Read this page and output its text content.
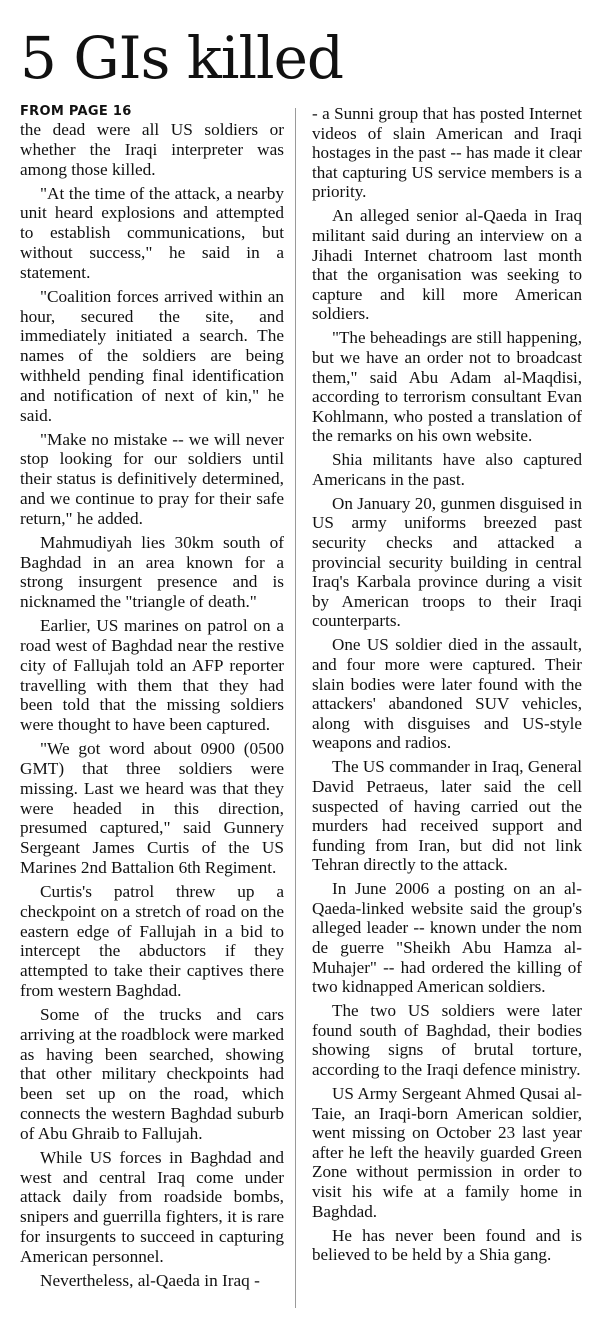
5 GIs killed
FROM PAGE 16

the dead were all US soldiers or whether the Iraqi interpreter was among those killed.

"At the time of the attack, a nearby unit heard explosions and attempted to establish communications, but without success," he said in a statement.

"Coalition forces arrived within an hour, secured the site, and immediately initiated a search. The names of the soldiers are being withheld pending final identification and notification of next of kin," he said.

"Make no mistake -- we will never stop looking for our soldiers until their status is definitively determined, and we continue to pray for their safe return," he added.

Mahmudiyah lies 30km south of Baghdad in an area known for a strong insurgent presence and is nicknamed the "triangle of death."

Earlier, US marines on patrol on a road west of Baghdad near the restive city of Fallujah told an AFP reporter travelling with them that they had been told that the missing soldiers were thought to have been captured.

"We got word about 0900 (0500 GMT) that three soldiers were missing. Last we heard was that they were headed in this direction, presumed captured," said Gunnery Sergeant James Curtis of the US Marines 2nd Battalion 6th Regiment.

Curtis's patrol threw up a checkpoint on a stretch of road on the eastern edge of Fallujah in a bid to intercept the abductors if they attempted to take their captives there from western Baghdad.

Some of the trucks and cars arriving at the roadblock were marked as having been searched, showing that other military checkpoints had been set up on the road, which connects the western Baghdad suburb of Abu Ghraib to Fallujah.

While US forces in Baghdad and west and central Iraq come under attack daily from roadside bombs, snipers and guerrilla fighters, it is rare for insurgents to succeed in capturing American personnel.

Nevertheless, al-Qaeda in Iraq -

- a Sunni group that has posted Internet videos of slain American and Iraqi hostages in the past -- has made it clear that capturing US service members is a priority.

An alleged senior al-Qaeda in Iraq militant said during an interview on a Jihadi Internet chatroom last month that the organisation was seeking to capture and kill more American soldiers.

"The beheadings are still happening, but we have an order not to broadcast them," said Abu Adam al-Maqdisi, according to terrorism consultant Evan Kohlmann, who posted a translation of the remarks on his own website.

Shia militants have also captured Americans in the past.

On January 20, gunmen disguised in US army uniforms breezed past security checks and attacked a provincial security building in central Iraq's Karbala province during a visit by American troops to their Iraqi counterparts.

One US soldier died in the assault, and four more were captured. Their slain bodies were later found with the attackers' abandoned SUV vehicles, along with disguises and US-style weapons and radios.

The US commander in Iraq, General David Petraeus, later said the cell suspected of having carried out the murders had received support and funding from Iran, but did not link Tehran directly to the attack.

In June 2006 a posting on an al-Qaeda-linked website said the group's alleged leader -- known under the nom de guerre "Sheikh Abu Hamza al-Muhajer" -- had ordered the killing of two kidnapped American soldiers.

The two US soldiers were later found south of Baghdad, their bodies showing signs of brutal torture, according to the Iraqi defence ministry.

US Army Sergeant Ahmed Qusai al-Taie, an Iraqi-born American soldier, went missing on October 23 last year after he left the heavily guarded Green Zone without permission in order to visit his wife at a family home in Baghdad.

He has never been found and is believed to be held by a Shia gang.
